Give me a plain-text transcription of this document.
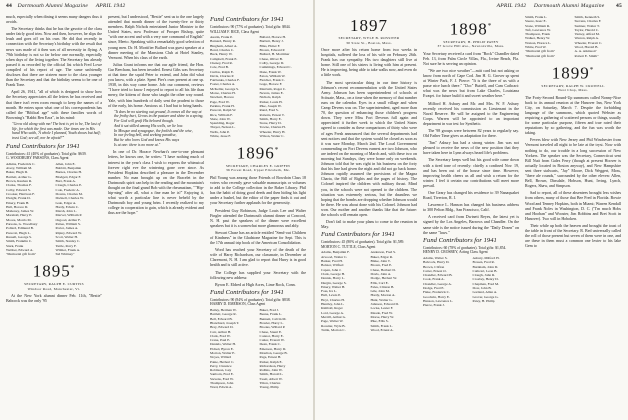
44 Dartmouth Alumni Magazine APRIL 1942

much, especially when dining it seems many dangers thus it avoids.

The Secretary thinks that he has the gavotte of the class under fairly good trim. Now and then, however, he slips the leash and goes off on his own. He did that recently in connection with the Secretary's birthday with the result that news was made of it then was of all necessity in flying. A 79th birthday is not so far below one normally, especially when days of the living together. The Secretary has already passed it as recorded by the official list which Fred Lowe compiled of his report of age. The same unfriendly discloses that there are sixteen more to the class younger than the Secretary and that the birthday seems to be one of Frank Tone.

April 26, 1941, "all of which is designed to show how the Secretary appreciates all the letters he has received and that there isn't even room enough to keep the names of a month. He enters upon what one of his correspondents has called the "Biblical age" with these families words of Browning's "Rabbi Ben Ezra", in his mind:

"Grow old along with me! The best is yet to be, The last of life, for which the first was made. Our times are in His hand Who saith, 'A whole I planned, Youth shows but half; trust God; see all, nor be afraid!'"
Fund Contributors for 1941
Contributors: 41 (40% of graduates). Total gifts: $639.
G. WOODBURY PARSONS, Class Agent
Adkins, Frederick C.	Allen, John E.
Avery, William M.	Babbitt, Benjamin
Baker, Hugh D.	Barnes, Charles H.
Bartlett, Arthur G.	Blodgett, Edgar F.
Brown, Reuben R.	Burt, Frank A.
Clarke, Thomas F.	Clough, Charles E.
Colby, Edward S.	Cole, Frederic A.
Crooker, Harrison F.	Downs, Charles M.
Dwight, Frank D.	Dwinell, Charles W.
Emery, Frank H.	Gale, Edgar A.
Hall, Horace D.	Hardy, Edwin C.
Mahoney, James W.	Marsh, John L.
Marshall, Harry E.	Marvel, William P.
Moore, Morris M.	Osgood, Arthur F.
Parsons, G. Woodbury	Pattee, William S.
Pollard, Edmund B.	Porter, James A.
Prescott, Hugh L.	Ripley, Edward W.
Russell, George S.	Scott, Walter H.
Smith, Franklin C.	Smith, Stanley C.
Stark, Frank	Tuttle, Perry F.
Webber, Edward A.	Wilmot, Frank A.
"Memorial gift from"	Sid Whitney"
1895*
SECRETARY, RALPH E. CURTISS
Windsor Road, Manchester, Vt.

At the New York alumni dinner Feb. 11th, "Bestie" Babcock was the only '95

present, but I understood, "Bestie" sent us to the one largely attended that month dinner of the twenty-five or thirty members. Ralph Nichols entertained Junior Minister to the United States, now Professor of Prosper Bishop, quite "with one accent and with a very rare command of English" since, Meeto. Speaking with a remarkably good selection of young men. Dr. H. Mortifier Bullard was guest speaker at a dinner meeting of the Mansions Club at Hotel Stanley, Vermont. When his class of the earth.

Julius Grant informs me that our agile friend, the Hon. Gar Beecham, has been invaded. Ernest Gibs was Secretary at that time the squid Peter to extend, and John did what you know, with a plate. Spent Pier's own present at one sp. 1938, in this way came home. Job: our comment, reviews "I have tried to know I enjoyed to report to all his life than merry, the kittens of those who taught the other way round. Yale, with him hundreds of daily sent the prudent to those of the early, his home. Anxious at. I had but to bring hands.

"It does be no starting out ground, It comes all the way at the frothy hurt, Grows in the pasture and shine in a spring, For God will graft His beloved though.
And it sat stilled among His wells, we lie low.
In Mosque and synagogue, the foolish and the wise,
In our feeling bell, and seeking paradise,
But he who loves God and knows His ways
Is at one: there is no more at."

In one of Dr. Horace Newhart's one-to-one pleasant letters, he knows one, he writes: "I have nothing much of interest in the year's class I wish to express the whimsical forever right eve the wintering gone over since. As President Hopkins described a pleasure in the December number. No man brought up on the Bracelet in the Dartmouth spirit can help in the reading and the mountain's thought on the final grand Bob with the rheumatism, ""Hip-hip-ning" after all, what a fine man he is!" Enjoying it, what worth a particular line is never beheld by the Dartmouth boy and young brim. I recently realized to my college in cooperation to gain, which is already evident and thus are the hope."

Fund Contributors for 1941
Contributors: 90 (77% of graduates). Total gifts: $844.
WILLIAM F. RICE, Class Agent
Austin, Frank P.	Ballard, Horace H.
Barnard, Henry R.	Bartlett, Henry J.
Bingham, Albert A.	Bliss, Elmer F.
Bond, Charles C.	Brown, Edward P.
Buck, Henry W.	Bullard, H. Mortimer
Campbell, Frank E.	Chase, Oliver B.
Cheney, Fred R.	Colby, George D.
Cole, Fred B.	Cummings, Edward C.
Curtiss, Ralph E.	Dane, Frank W.
Davis, Charles P.	Eaton, William W.
Fairbanks, Charles F.	Fletcher, Frank C.
Foster, Charles A.	Gage, Horace F.
McKellar, George S.	Merriam, Roger C.
Morse, Charles H.	Nevers, James E.
Newhart, Horace	Nichols, Ralph
Page, Fred W.	Parker, Louis H.
Perkins, Frank H.	Pike, Joseph W.
Prescott, Ralph W.	Rand, Fred S.
Rice, William F.	Roberts, Ernest T.
Shaw, John W.	Smith, Harry E.
Spaulding, Roger	Stone, Harry D.
Thayer, Nelson L.	Towne, Charles H.
Wells, John P.	Wheeler, Harry H.
White, Jesse F.	Wilson, Walter C.
1896*
SECRETARY, CHARLES E. GRIFFIN
36 Forest Road, Upper Elizabeth, Me.

Phil Young was among those Friends of Bowdoin Class 18 voters who recently gave valuable manuscripts or volumes to add to the College collection in the Baker Library. Phil has the habit of doing good deeds and then hiding his light under a bushel, but the editor of the paper finds it out and your Secretary further applauds for the generosity.

President Guy Robinson, Judge Louis Lee and Walter Fingler attended the Dartmouth alumni dinner at Concord, N. H. past the speakers of the dinner were excellent speakers but it is a somewhat more glamorous and ably.

Stewart Chase has an article entitled "Send-out Children of Kindness" in the Gladstone Magazine for Sept. This is the 17th annual trip book of the American Consolidation.

Word has reached your Secretary of the death of the wife of Harry Richardson, our classmate, in December at Claremont, N. H. I am glad to report that Harry is in good health and is still active.

The College has supplied your Secretary with the following new address:

Byron E. Eldred at High Acres, Lime Rock, Conn.

Fund Contributors for 1941
Contributors: 90 (84% of graduates). Total gifts: $838.
HARRY D. EMERSON, Class Agent
Bailey, Herman W.	Baker, Fred J.
Bartlett, George R.	Beane, Frank L.
Bell, Edward B.	Bennett, Calvin M.
Blanchard, Joseph T.	Bowler, Harry L.
Bray, Edward D.	Brooks, Willard P.
Carr, Arthur H.	Chase, Stuart E.
Clark, Fred W.	Connor, Harry E.
Crane, Paul E.	Cutter, Everett W.
Daniels, Walter H.	Dean, Frank C.
Eldred, Byron E.	Emerson, Harry D.
Morton, Walter E.	Moulton, George B.
Noyes, Willard	Page, Ernest H.
Paine, Herbert C.	Parker, Ralph E.
Perry, Clarence	Richardson, Harry
Robinson, Guy	Rollins, John W.
Sanborn, Fred E.	Smith, Harold L.
Stevens, Fred W.	Swett, Albert W.
Thompson, John	Tilton, Charles
Ward, Edwin A.	Young, Philip
APRIL 1942 Dartmouth Alumni Magazine 45
1897
SECRETARY, WYLE B. ROSSITER
30 State St., Boston, Mass.

Once more after his return home from two weeks in hospitals, suffered the loss of his wife on February 26th. Frank has our sympathy. His two daughters still live at home. Still one of his sisters is living with him at present. He is improving, being able to take walks now, and even do a little work.

The most spectacular thing in our time history is Johnson's recent recommendation with the United States Army. Johnson has been superintendent of schools at Scituate, Mass., on a time when the memory of that number runs on the calendar. Eyes in a small village and when Camp Devens was on. The superintendent, aged more than 70, the question of enhancing those children's progress down. They were Miss Fort Deveras full again and appreciated it further week to which the United States agreed to consider as these comparisons of thirty who were of ages Fresh announced that the several departments had sent notices and that the system would be closed as soon as it was sure Monday, March 2nd. The Local Government commending on Fort Devens earnest are two Johnson, who are indeed on the morning of March and, with these two on morning but Sundays, they were home only on weekends. Johnson told that he was right in his business on the forty that his line had given the night and did not go back home. Johnson rapidly assumed the provisions of the Magna Charta, the Bill of Rights and the pages of history. The Colonel inspired the children with military thrust. Mind you, in the schools were not opened to the children. The situation was extremely serious, but the dauntless we hoping that the bombs are dropping whether Johnson would be there. He was about done with his Colonel. Johnson had won. Our mother and another thanks like that the future: the schools will remain open.

Don't fail to make your plans to come to the reunion in May.

Fund Contributors for 1941
Contributors: 45 (80% of graduates). Total gifts: $1,589.
MORTON C. TUTTLE, Class Agent
Adams, Benjamin F.	Anderson, Fred S.
Atwood, Walter C.	Baker, Edgar R.
Barker, Fred H.	Blake, John T.
Bolster, Wilfred	Brown, Fred E.
Capen, John J.	Chase, Herbert D.
Clark, George H.	Davis, John A.
Dennis, Harry L.	Dodge, Herbert W.
Durgin, George S.	Ellis, Carl E.
Emery, Walter H.	Fales, Clinton B.
Foss, Ira L.	Gile, John M.
Hall, Lewis P.	Hardy, Morton A.
Hoyt, Charles H.	Hunt, Walter G.
Huntley, John L.	Johnson, Edward D.
Kimball, Roger	Locke, Lester F.
Lord, George A.	Meade, Fred W.
Merrill, Arthur G.	Morse, Harry W.
Page, Walter W.	Pike, Ellis S.
Rossiter, Wyle B.	Smith, Frank L.
Tuttle, Morton C.	Wood, Ernest A.
1898*
SECRETARY, H. PHILIP PATEY
37 Grove Hill Ave., Newtonville, Mass.

Your Secretary received a card from "Bock" Chandler dated Feb. 13, from Palm Circle Villas, Fla., Irvine Beach, Fla. Not sure he is serving an opinion.

"We are two nice weather"—mitt card but not asking or know from north of Cape Cod. Jim H. G. Grover sp spent at Winter Park, F. J. Pierce: "It is the three of us with a passe nice lunch there." "Doc" Buttell, and Cam Cathcart: what was the news but from Lake Charles, Louisiana Evaqet. for future build it and sweet weather here."

Milford H. Asbury and Mr. and Mrs. W. F. Asbury recently received his commission as Lieutenant in the Naval Reserve. He will be assigned to the Engineering Corps. Warren will be appointed to an important department in war test for Synthetic.

The '98 groups were between 82 years to regularly say. Old Father Time gives us adaptation for there.

"Jim" Asbury has had a strong winter. Jim was not pleased to receive the news of the new position that they have taken here in Lynn always heard life's problems.

The Secretary keeps well but his good wife came down with a tired tone of recently: chiefly a confined Nov. 19, and has been out of the house since time. However, improving health cheers us all and wish a return for the winter. I feel it certain our contributions will meet more prevail.

One Geary has changed his residence to 39 Nanaquaket Road, Tiverton, R. I.

Lawrence L. Hanson has changed his business address to 300 Pelton Bldg., San Francisco, Calif.

A received card from Dwinett Reyes, the latest yet is signed by the Los Angeles, Barrows and Chandler. On the same side is the notice issued during the "Daily Dozen" on the same "laws."

Fund Contributors for 1941
Contributors: 60 (78% of graduates). Total gifts: $1,854.
HENRY D. CROSBEY, Acting Class Agent
Adams, Walter S.	Asbury, Milford H.
Babcock, Harry D.	Bowen, Fred R.
Brown, Clifton	Burnham, John D.
Carter, Ernest O.	Cathcart, Leon B.
Chandler, Edward B.	Clough, John R.
Cook, Frank A.	Crosbey, Henry D.
Chandler, George A.	Chapman, Fred M.
Dodge, Fred E.	Dow, John B.
Fiske, Frederick C.	Garland, Allan A.
Goodwin, Harry E.	Grover, George G.
Hanson, Lawrence L.	Patey, H. Philip
Pierce, Frank J.
Smith, Frank L.	Smith, Kenneth S.
Steere, Isaac E.	Stevens, Charles F.
Stone, William R.	Sumner, Walter T.
Taft, Lawrence W.	Taylor, Harold C.
Thompson, Frank	Varney, Alfred M.
Walker, Henry W.	Warren, Ralph A.
Watson, Horace L.	Wheeler, Everett C.
White, Fred W.	Wood, Harold B.
"Memorial gift from"	A. A. Atkinson"
"Memorial gift from"	Robert E. Smith"
1899*
SECRETARY, RALPH W. CROWELL
West Chop, Mass.

The Forty-Second Round-Up summons called Nonny-Nixe back to its annual reunion at the Hanover Inn, New York City, on Saturday, March 7. Despite the forbidding language of the summons, which quoted Webster as requiring a gathering of scattered persons or things, usually for some particular purpose, fifteen and true rated their reputations by so gathering, and the fun was worth the taking.

Fevers blew with New Jersey and Phil Winchester from Vermont traveled all night to be late at the tryst. Now with nothing to do, our trouble in a long succession of New Yorkers. The speaker was the Secretary, Connecticut sent Bill Nutt from Gales Ferry (though at present Hoover is actually located in Boston anyway), and New Hampshire sent three stalwarts, "Jay" Moore, Dick Weggert, Moss, "there ale rounds," surrounded by the other eleven: Allen, Bell, Brown, Dinsdale, Hobson, Hunt, Irving, Lynch, Rogers, Shaw, and Simpson.

Sad to report, all of these absentees brought less wishes from others, many of those that Bee Fred in Florida. Bowie Wood and Tenney Hopkins, both in Miami; Warren Kendall and Frank Noles in Washington, D. C. ("I'm much Hobs and Hooban" and Wooster, Jim Robbins and Bret Scott in Hanover). Two will in Hoboken.

Their while up both the heaven and brought the toast of the table in front of the Secretary. R. Bed universally called the roll of those present but seven of them were in one, and are these in them must a common one lexter to his lake Gem to
